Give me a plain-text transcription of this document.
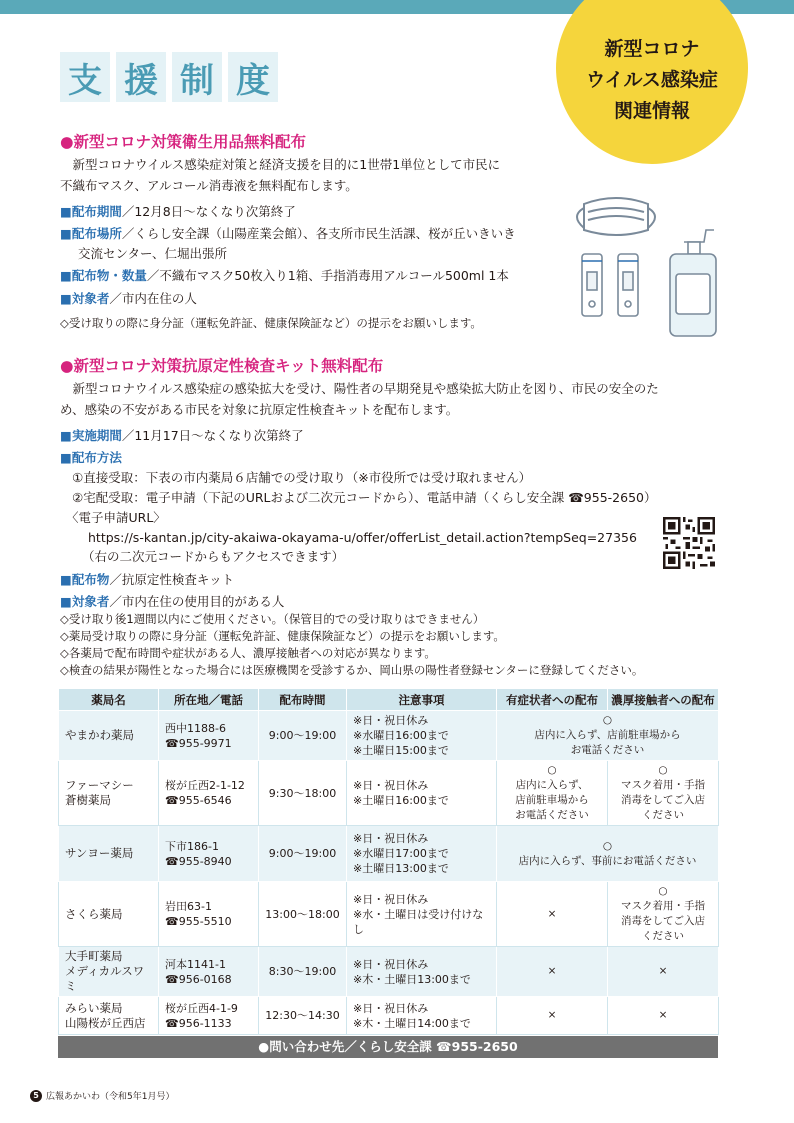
支 援 制 度
新型コロナ
ウイルス感染症
関連情報
●新型コロナ対策衛生用品無料配布
　新型コロナウイルス感染症対策と経済支援を目的に1世帯1単位として市民に
不織布マスク、アルコール消毒液を無料配布します。
■配布期間／12月8日～なくなり次第終了
■配布場所／くらし安全課（山陽産業会館）、各支所市民生活課、桜が丘いきいき
交流センター、仁堀出張所
■配布物・数量／不織布マスク50枚入り1箱、手指消毒用アルコール500ml 1本
■対象者／市内在住の人
◇受け取りの際に身分証（運転免許証、健康保険証など）の提示をお願いします。
●新型コロナ対策抗原定性検査キット無料配布
　新型コロナウイルス感染症の感染拡大を受け、陽性者の早期発見や感染拡大防止を図り、市民の安全のた
め、感染の不安がある市民を対象に抗原定性検査キットを配布します。
■実施期間／11月17日～なくなり次第終了
■配布方法
①直接受取：下表の市内薬局６店舗での受け取り（※市役所では受け取れません）
②宅配受取：電子申請（下記のURLおよび二次元コードから）、電話申請（くらし安全課 ☎955-2650）
〈電子申請URL〉
https://s-kantan.jp/city-akaiwa-okayama-u/offer/offerList_detail.action?tempSeq=27356
（右の二次元コードからもアクセスできます）
■配布物／抗原定性検査キット
■対象者／市内在住の使用目的がある人
◇受け取り後1週間以内にご使用ください。（保管目的での受け取りはできません）
◇薬局受け取りの際に身分証（運転免許証、健康保険証など）の提示をお願いします。
◇各薬局で配布時間や症状がある人、濃厚接触者への対応が異なります。
◇検査の結果が陽性となった場合には医療機関を受診するか、岡山県の陽性者登録センターに登録してください。
薬局名	所在地／電話	配布時間	注意事項	有症状者への配布	濃厚接触者への配布
やまかわ薬局	西中1188-6
☎955-9971	9:00～19:00	※日・祝日休み
※水曜日16:00まで
※土曜日15:00まで	○
店内に入らず、店前駐車場から
お電話ください	
ファーマシー
蒼樹薬局	桜が丘西2-1-12
☎955-6546	9:30～18:00	※日・祝日休み
※土曜日16:00まで	○
店内に入らず、
店前駐車場から
お電話ください	○
マスク着用・手指
消毒をしてご入店
ください
サンヨー薬局	下市186-1
☎955-8940	9:00～19:00	※日・祝日休み
※水曜日17:00まで
※土曜日13:00まで	○
店内に入らず、事前にお電話ください	
さくら薬局	岩田63-1
☎955-5510	13:00～18:00	※日・祝日休み
※水・土曜日は受け付けなし	×	○
マスク着用・手指
消毒をしてご入店
ください
大手町薬局
メディカルスワミ	河本1141-1
☎956-0168	8:30～19:00	※日・祝日休み
※木・土曜日13:00まで	×	×
みらい薬局
山陽桜が丘西店	桜が丘西4-1-9
☎956-1133	12:30～14:30	※日・祝日休み
※木・土曜日14:00まで	×	×
●問い合わせ先／くらし安全課 ☎955-2650
5 広報あかいわ（令和5年1月号）
